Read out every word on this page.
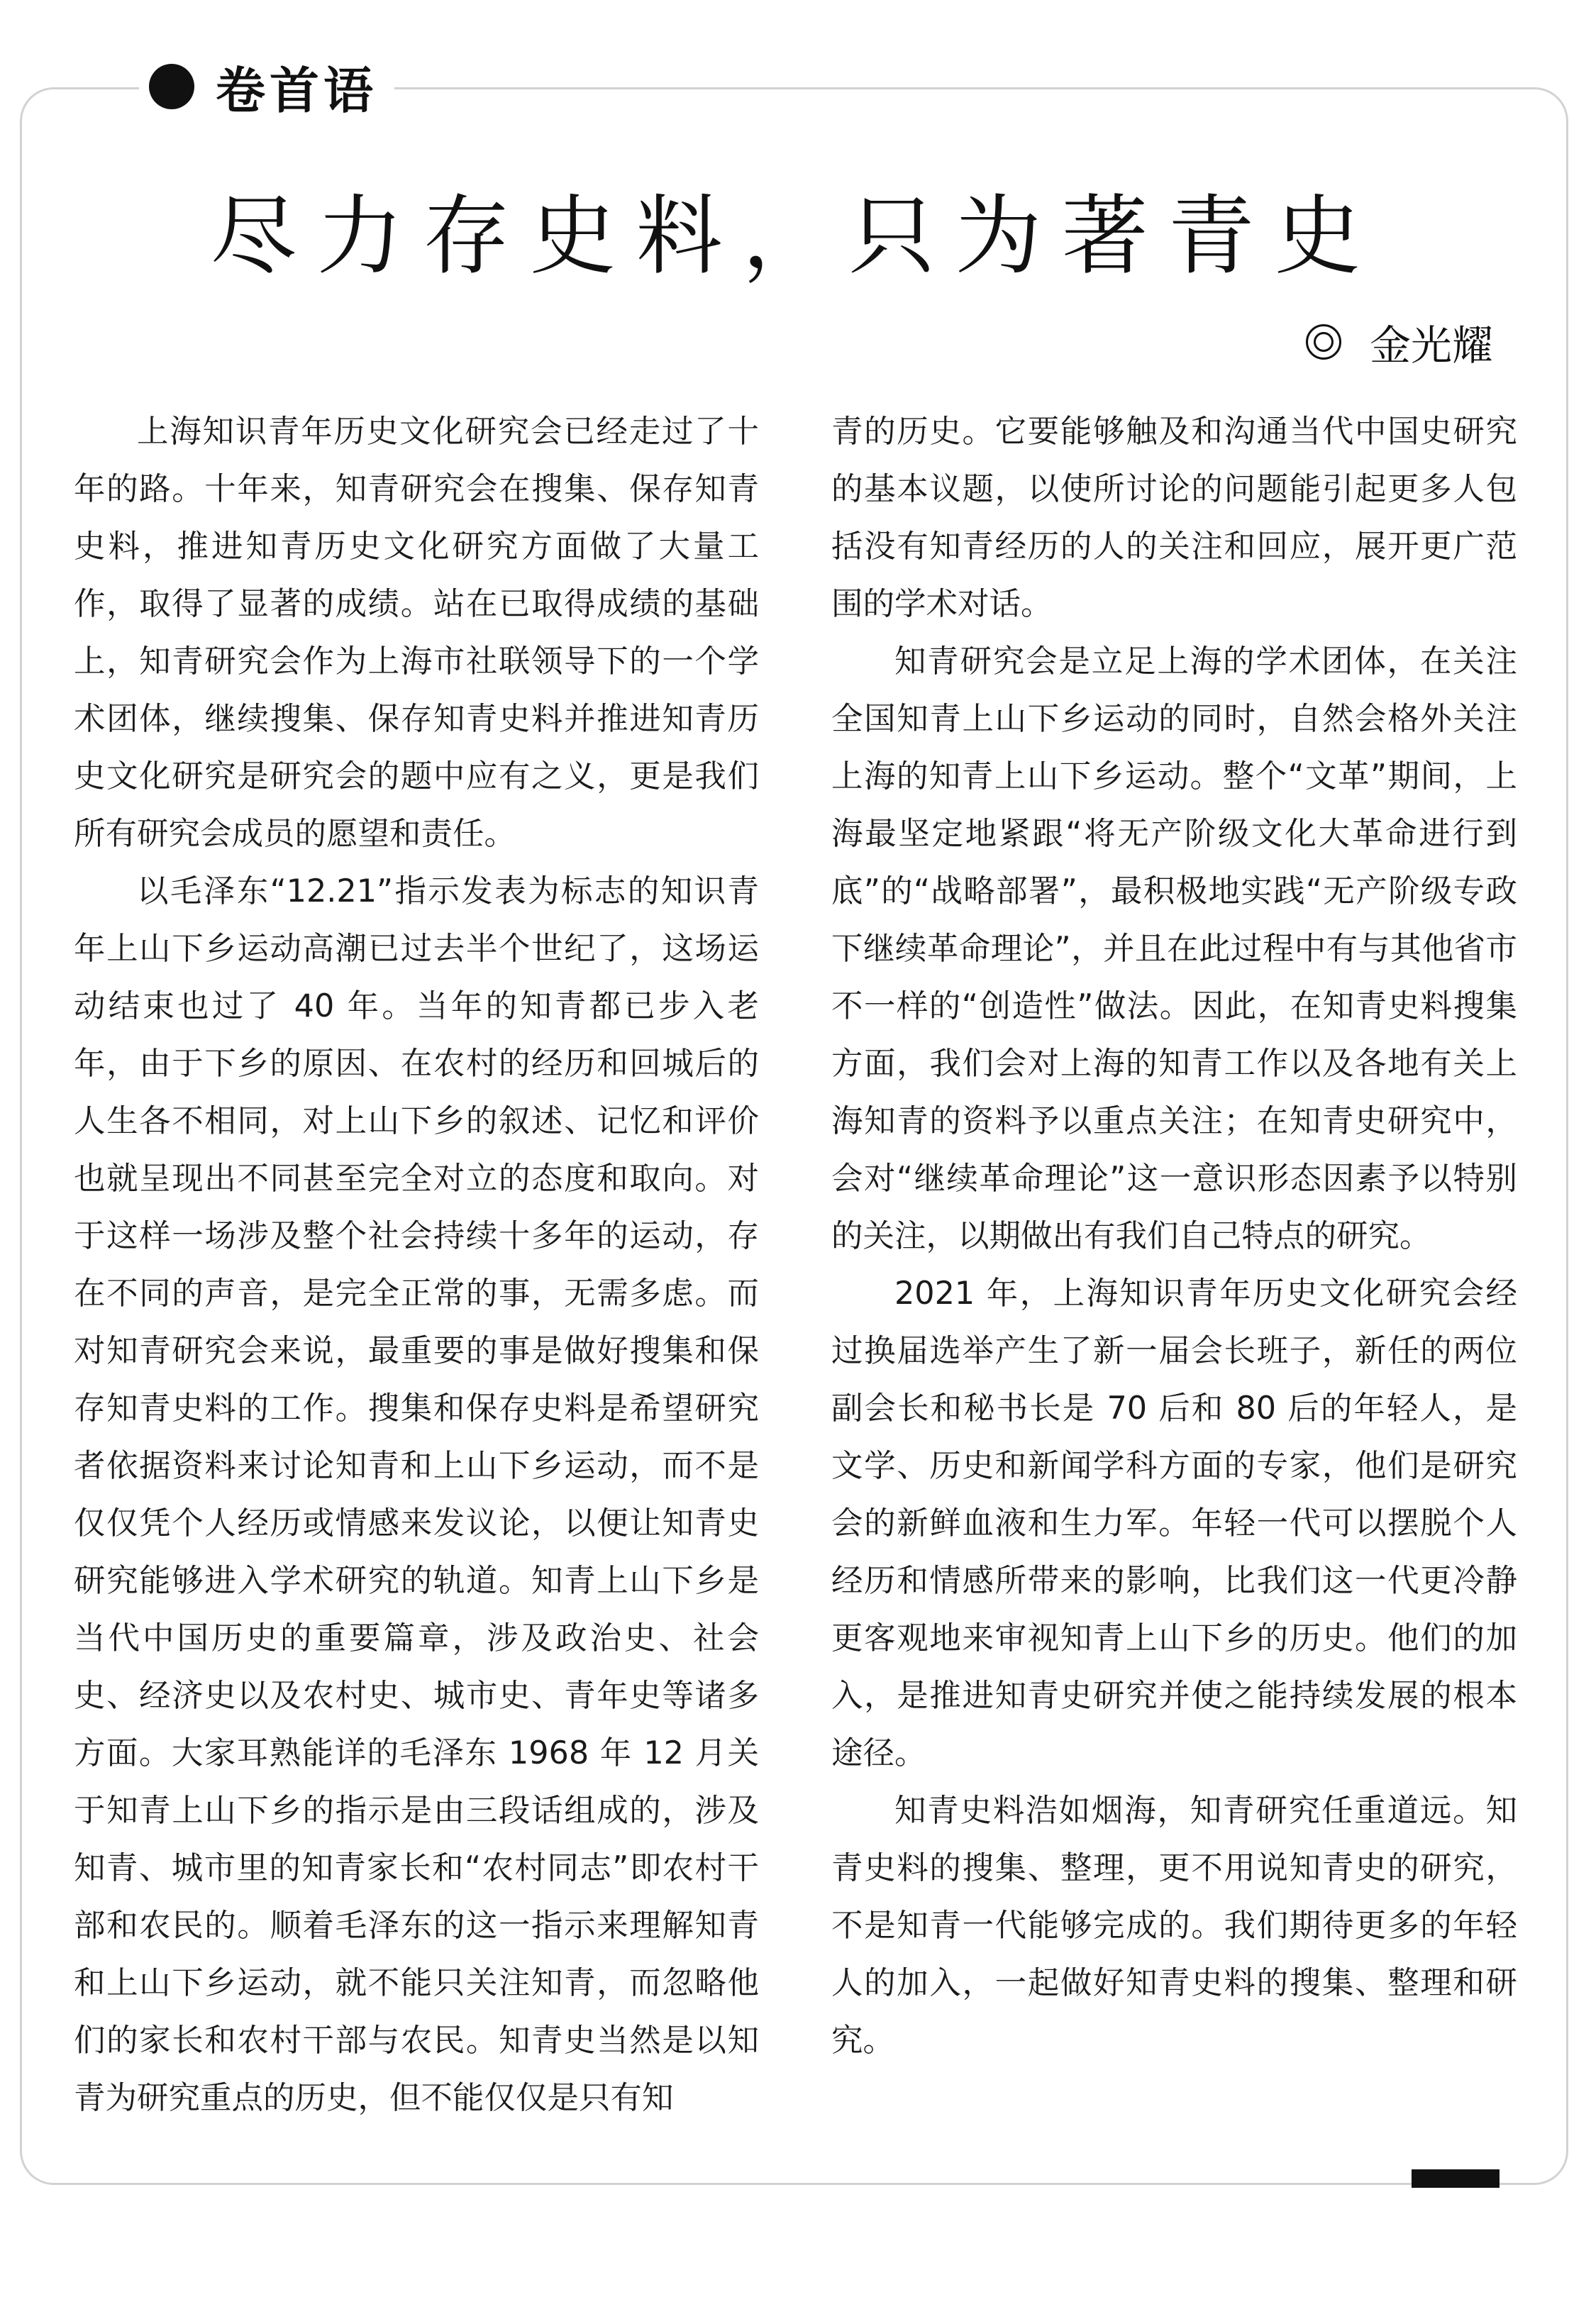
卷首语
尽力存史料，只为著青史
金光耀

上海知识青年历史文化研究会已经走过了十年的路。十年来，知青研究会在搜集、保存知青史料，推进知青历史文化研究方面做了大量工作，取得了显著的成绩。站在已取得成绩的基础上，知青研究会作为上海市社联领导下的一个学术团体，继续搜集、保存知青史料并推进知青历史文化研究是研究会的题中应有之义，更是我们所有研究会成员的愿望和责任。

以毛泽东“12.21”指示发表为标志的知识青年上山下乡运动高潮已过去半个世纪了，这场运动结束也过了 40 年。当年的知青都已步入老年，由于下乡的原因、在农村的经历和回城后的人生各不相同，对上山下乡的叙述、记忆和评价也就呈现出不同甚至完全对立的态度和取向。对于这样一场涉及整个社会持续十多年的运动，存在不同的声音，是完全正常的事，无需多虑。而对知青研究会来说，最重要的事是做好搜集和保存知青史料的工作。搜集和保存史料是希望研究者依据资料来讨论知青和上山下乡运动，而不是仅仅凭个人经历或情感来发议论，以便让知青史研究能够进入学术研究的轨道。知青上山下乡是当代中国历史的重要篇章，涉及政治史、社会史、经济史以及农村史、城市史、青年史等诸多方面。大家耳熟能详的毛泽东 1968 年 12 月关于知青上山下乡的指示是由三段话组成的，涉及知青、城市里的知青家长和“农村同志”即农村干部和农民的。顺着毛泽东的这一指示来理解知青和上山下乡运动，就不能只关注知青，而忽略他们的家长和农村干部与农民。知青史当然是以知青为研究重点的历史，但不能仅仅是只有知

青的历史。它要能够触及和沟通当代中国史研究的基本议题，以使所讨论的问题能引起更多人包括没有知青经历的人的关注和回应，展开更广范围的学术对话。

知青研究会是立足上海的学术团体，在关注全国知青上山下乡运动的同时，自然会格外关注上海的知青上山下乡运动。整个“文革”期间，上海最坚定地紧跟“将无产阶级文化大革命进行到底”的“战略部署”，最积极地实践“无产阶级专政下继续革命理论”，并且在此过程中有与其他省市不一样的“创造性”做法。因此，在知青史料搜集方面，我们会对上海的知青工作以及各地有关上海知青的资料予以重点关注；在知青史研究中，会对“继续革命理论”这一意识形态因素予以特别的关注，以期做出有我们自己特点的研究。

2021 年，上海知识青年历史文化研究会经过换届选举产生了新一届会长班子，新任的两位副会长和秘书长是 70 后和 80 后的年轻人，是文学、历史和新闻学科方面的专家，他们是研究会的新鲜血液和生力军。年轻一代可以摆脱个人经历和情感所带来的影响，比我们这一代更冷静更客观地来审视知青上山下乡的历史。他们的加入，是推进知青史研究并使之能持续发展的根本途径。

知青史料浩如烟海，知青研究任重道远。知青史料的搜集、整理，更不用说知青史的研究，不是知青一代能够完成的。我们期待更多的年轻人的加入，一起做好知青史料的搜集、整理和研究。
